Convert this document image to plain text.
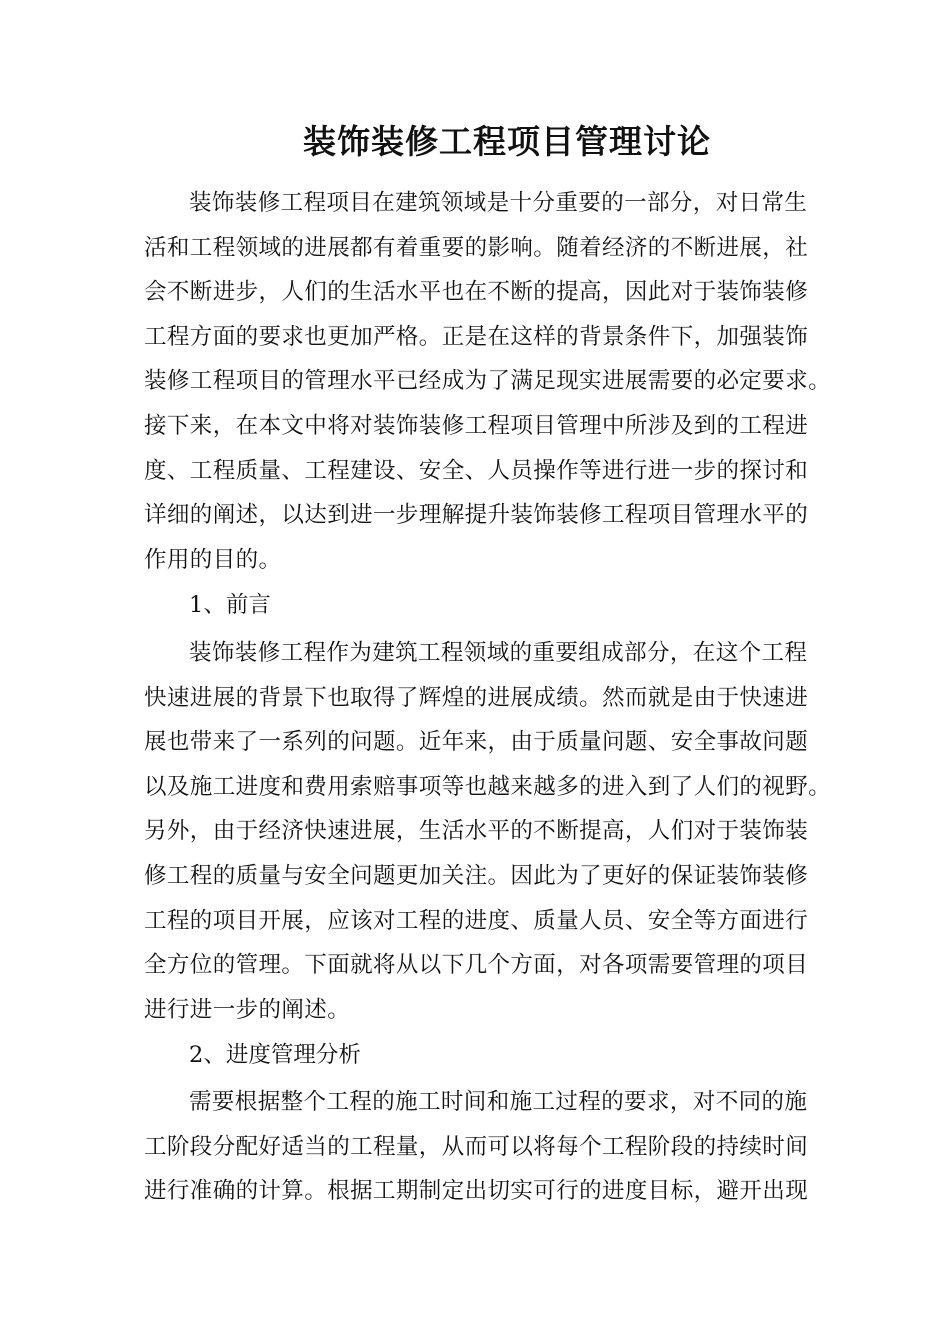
装饰装修工程项目管理讨论
装饰装修工程项目在建筑领域是十分重要的一部分，对日常生
活和工程领域的进展都有着重要的影响。随着经济的不断进展，社
会不断进步，人们的生活水平也在不断的提高，因此对于装饰装修
工程方面的要求也更加严格。正是在这样的背景条件下，加强装饰
装修工程项目的管理水平已经成为了满足现实进展需要的必定要求。
接下来，在本文中将对装饰装修工程项目管理中所涉及到的工程进
度、工程质量、工程建设、安全、人员操作等进行进一步的探讨和
详细的阐述，以达到进一步理解提升装饰装修工程项目管理水平的
作用的目的。
1、前言
装饰装修工程作为建筑工程领域的重要组成部分，在这个工程
快速进展的背景下也取得了辉煌的进展成绩。然而就是由于快速进
展也带来了一系列的问题。近年来，由于质量问题、安全事故问题
以及施工进度和费用索赔事项等也越来越多的进入到了人们的视野。
另外，由于经济快速进展，生活水平的不断提高，人们对于装饰装
修工程的质量与安全问题更加关注。因此为了更好的保证装饰装修
工程的项目开展，应该对工程的进度、质量人员、安全等方面进行
全方位的管理。下面就将从以下几个方面，对各项需要管理的项目
进行进一步的阐述。
2、进度管理分析
需要根据整个工程的施工时间和施工过程的要求，对不同的施
工阶段分配好适当的工程量，从而可以将每个工程阶段的持续时间
进行准确的计算。根据工期制定出切实可行的进度目标，避开出现
